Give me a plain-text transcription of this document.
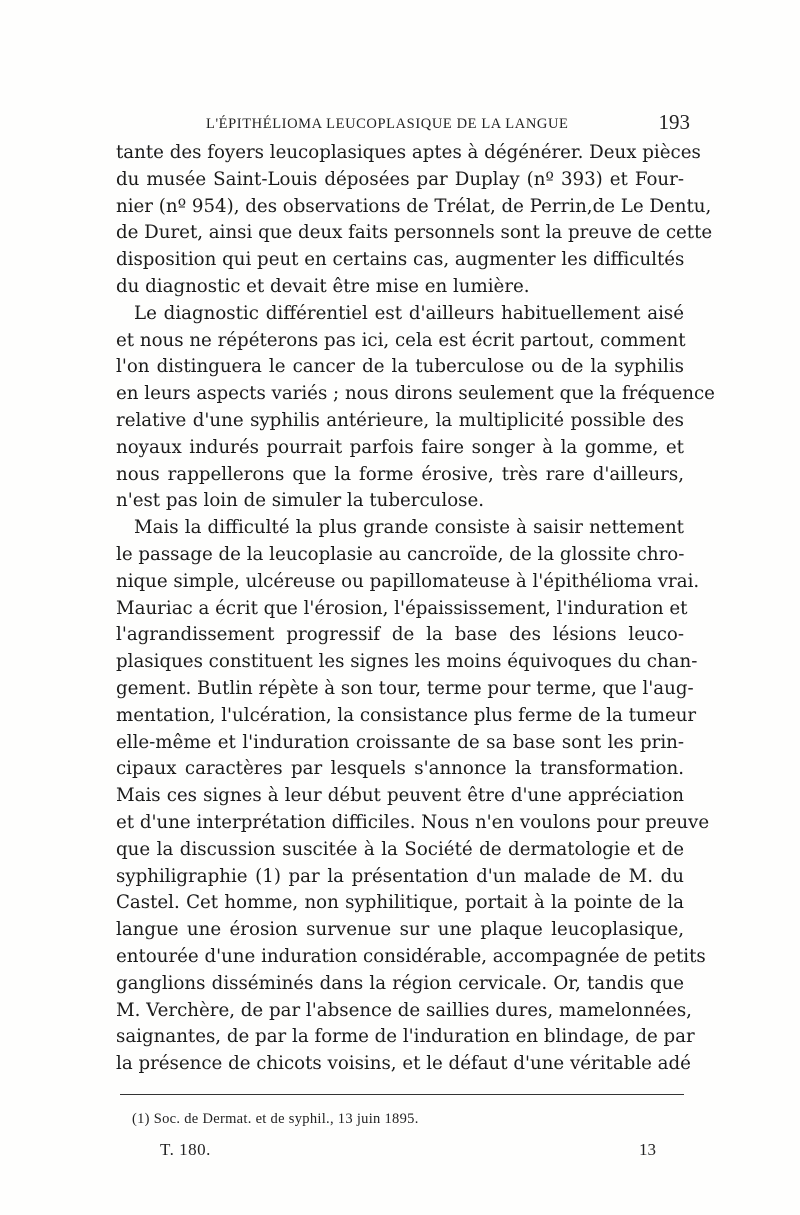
L'ÉPITHÉLIOMA LEUCOPLASIQUE DE LA LANGUE	193
tante des foyers leucoplasiques aptes à dégénérer. Deux pièces
du musée Saint-Louis déposées par Duplay (nº 393) et Four-
nier (nº 954), des observations de Trélat, de Perrin,de Le Dentu,
de Duret, ainsi que deux faits personnels sont la preuve de cette
disposition qui peut en certains cas, augmenter les difficultés
du diagnostic et devait être mise en lumière.
Le diagnostic différentiel est d'ailleurs habituellement aisé
et nous ne répéterons pas ici, cela est écrit partout, comment
l'on distinguera le cancer de la tuberculose ou de la syphilis
en leurs aspects variés ; nous dirons seulement que la fréquence
relative d'une syphilis antérieure, la multiplicité possible des
noyaux indurés pourrait parfois faire songer à la gomme, et
nous rappellerons que la forme érosive, très rare d'ailleurs,
n'est pas loin de simuler la tuberculose.
Mais la difficulté la plus grande consiste à saisir nettement
le passage de la leucoplasie au cancroïde, de la glossite chro-
nique simple, ulcéreuse ou papillomateuse à l'épithélioma vrai.
Mauriac a écrit que l'érosion, l'épaississement, l'induration et
l'agrandissement progressif de la base des lésions leuco-
plasiques constituent les signes les moins équivoques du chan-
gement. Butlin répète à son tour, terme pour terme, que l'aug-
mentation, l'ulcération, la consistance plus ferme de la tumeur
elle-même et l'induration croissante de sa base sont les prin-
cipaux caractères par lesquels s'annonce la transformation.
Mais ces signes à leur début peuvent être d'une appréciation
et d'une interprétation difficiles. Nous n'en voulons pour preuve
que la discussion suscitée à la Société de dermatologie et de
syphiligraphie (1) par la présentation d'un malade de M. du
Castel. Cet homme, non syphilitique, portait à la pointe de la
langue une érosion survenue sur une plaque leucoplasique,
entourée d'une induration considérable, accompagnée de petits
ganglions disséminés dans la région cervicale. Or, tandis que
M. Verchère, de par l'absence de saillies dures, mamelonnées,
saignantes, de par la forme de l'induration en blindage, de par
la présence de chicots voisins, et le défaut d'une véritable adé
(1) Soc. de Dermat. et de syphil., 13 juin 1895.
T. 180.	13
